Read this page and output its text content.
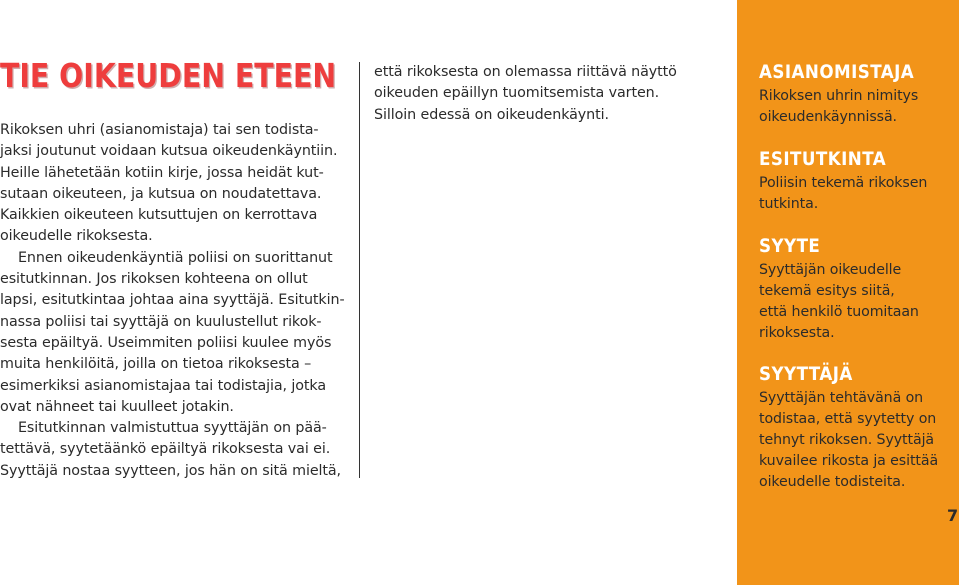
TIE OIKEUDEN ETEEN
Rikoksen uhri (asianomistaja) tai sen todista-
jaksi joutunut voidaan kutsua oikeudenkäyntiin.
Heille lähetetään kotiin kirje, jossa heidät kut-
sutaan oikeuteen, ja kutsua on noudatettava.
Kaikkien oikeuteen kutsuttujen on kerrottava
oikeudelle rikoksesta.
Ennen oikeudenkäyntiä poliisi on suorittanut
esitutkinnan. Jos rikoksen kohteena on ollut
lapsi, esitutkintaa johtaa aina syyttäjä. Esitutkin-
nassa poliisi tai syyttäjä on kuulustellut rikok-
sesta epäiltyä. Useimmiten poliisi kuulee myös
muita henkilöitä, joilla on tietoa rikoksesta –
esimerkiksi asianomistajaa tai todistajia, jotka
ovat nähneet tai kuulleet jotakin.
Esitutkinnan valmistuttua syyttäjän on pää-
tettävä, syytetäänkö epäiltyä rikoksesta vai ei.
Syyttäjä nostaa syytteen, jos hän on sitä mieltä,
että rikoksesta on olemassa riittävä näyttö
oikeuden epäillyn tuomitsemista varten.
Silloin edessä on oikeudenkäynti.
ASIANOMISTAJA
Rikoksen uhrin nimitys
oikeudenkäynnissä.
ESITUTKINTA
Poliisin tekemä rikoksen
tutkinta.
SYYTE
Syyttäjän oikeudelle
tekemä esitys siitä,
että henkilö tuomitaan
rikoksesta.
SYYTTÄJÄ
Syyttäjän tehtävänä on
todistaa, että syytetty on
tehnyt rikoksen. Syyttäjä
kuvailee rikosta ja esittää
oikeudelle todisteita.
7
